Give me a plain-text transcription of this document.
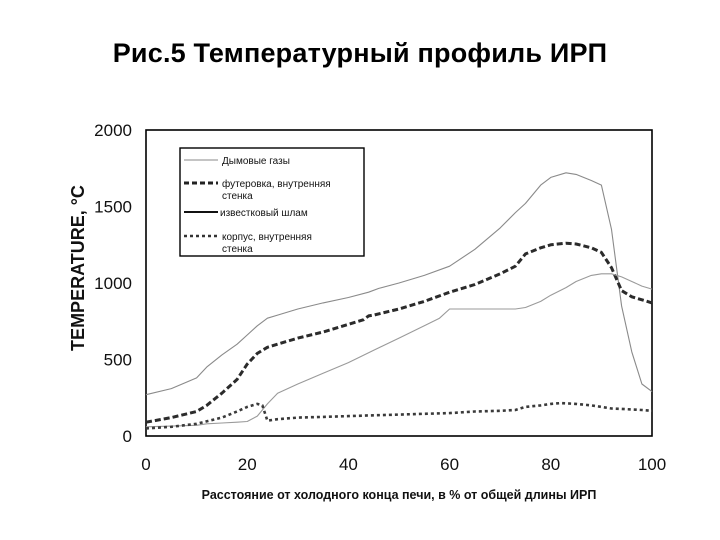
Рис.5 Температурный профиль ИРП
0	20	40	60	80	100
0
500
1000
1500
2000
TEMPERATURE, °C
Расстояние от холодного конца печи, в % от общей длины ИРП
Дымовые газы
футеровка, внутренняя
стенка
известковый шлам
корпус, внутренняя
стенка
